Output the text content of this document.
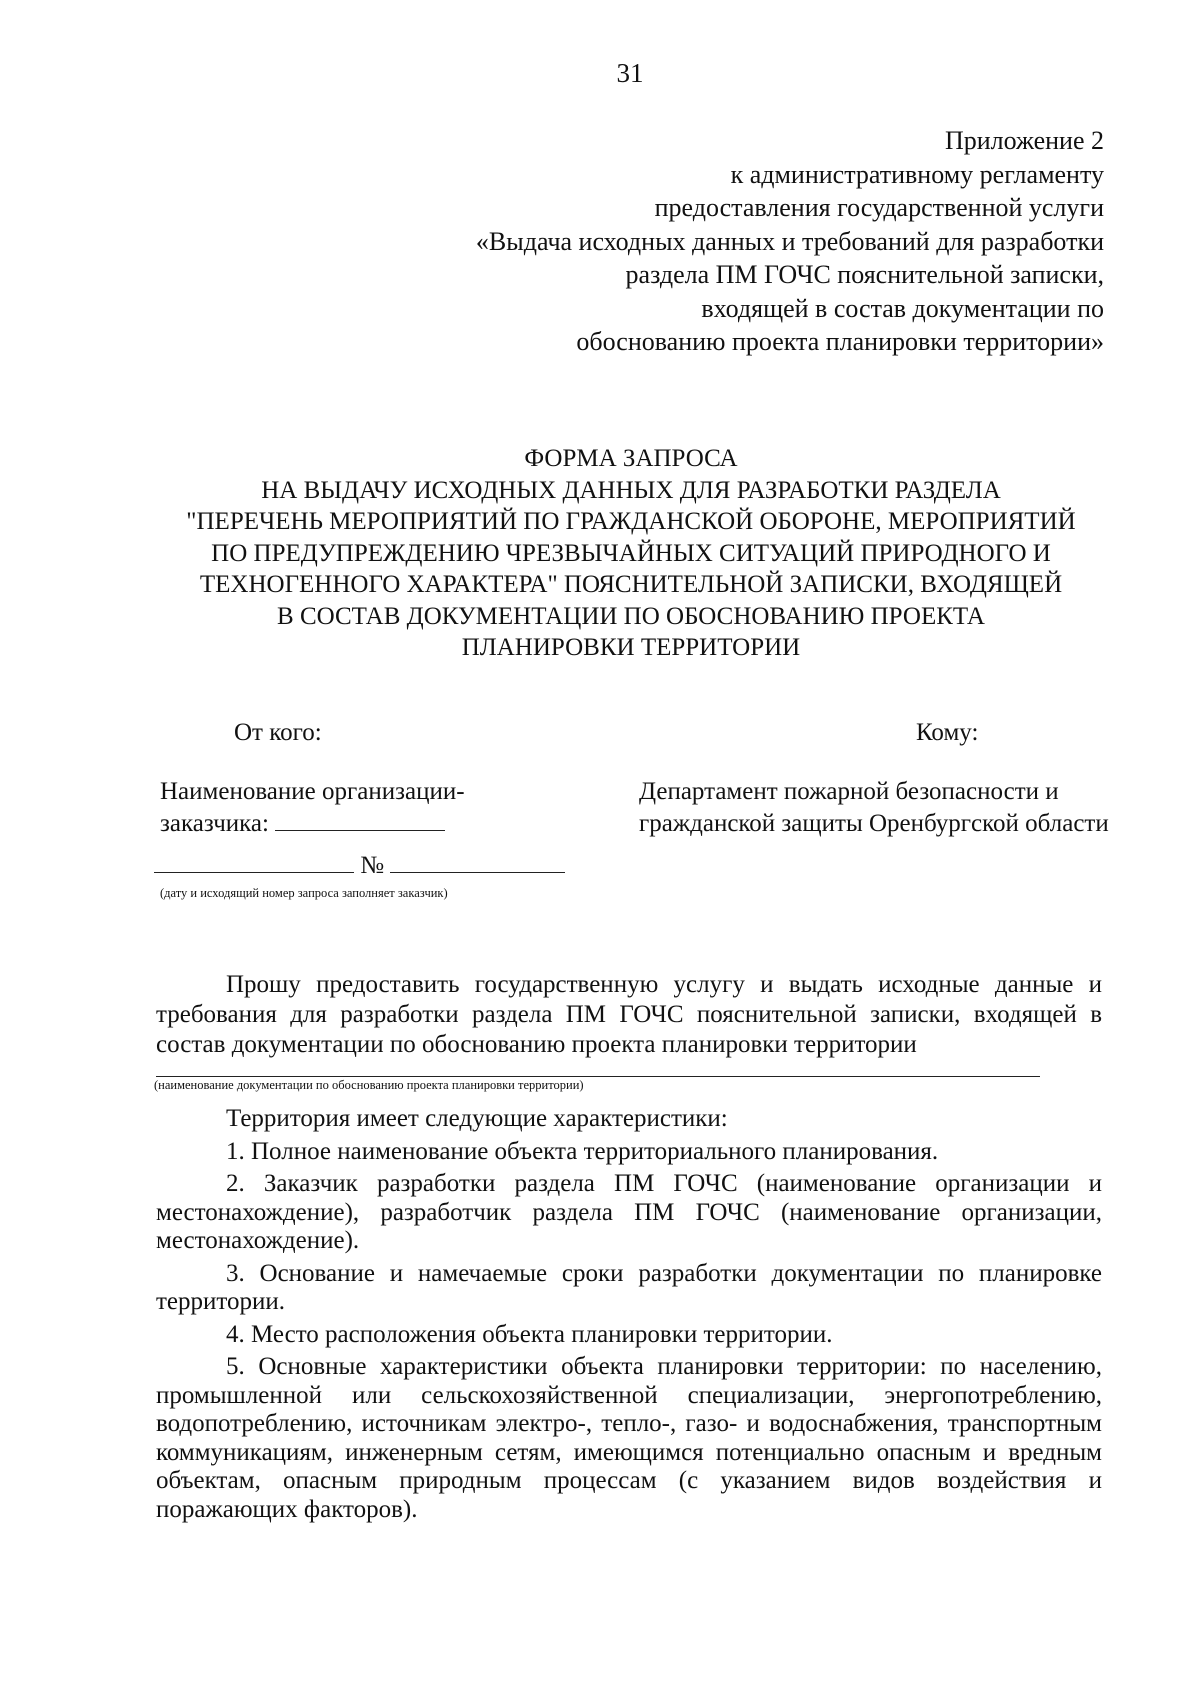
31
Приложение 2
к административному регламенту
предоставления государственной услуги
«Выдача исходных данных и требований для разработки
раздела ПМ ГОЧС пояснительной записки,
входящей в состав документации по
обоснованию проекта планировки территории»
ФОРМА ЗАПРОСА
НА ВЫДАЧУ ИСХОДНЫХ ДАННЫХ ДЛЯ РАЗРАБОТКИ РАЗДЕЛА
"ПЕРЕЧЕНЬ МЕРОПРИЯТИЙ ПО ГРАЖДАНСКОЙ ОБОРОНЕ, МЕРОПРИЯТИЙ
ПО ПРЕДУПРЕЖДЕНИЮ ЧРЕЗВЫЧАЙНЫХ СИТУАЦИЙ ПРИРОДНОГО И
ТЕХНОГЕННОГО ХАРАКТЕРА" ПОЯСНИТЕЛЬНОЙ ЗАПИСКИ, ВХОДЯЩЕЙ
В СОСТАВ ДОКУМЕНТАЦИИ ПО ОБОСНОВАНИЮ ПРОЕКТА
ПЛАНИРОВКИ ТЕРРИТОРИИ
От кого:	Кому:
Наименование организации-
заказчика:
Департамент пожарной безопасности и
гражданской защиты Оренбургской области
№
(дату и исходящий номер запроса заполняет заказчик)
Прошу предоставить государственную услугу и выдать исходные данные и требования для разработки раздела ПМ ГОЧС пояснительной записки, входящей в состав документации по обоснованию проекта планировки территории
(наименование документации по обоснованию проекта планировки территории)

Территория имеет следующие характеристики:

1. Полное наименование объекта территориального планирования.

2. Заказчик разработки раздела ПМ ГОЧС (наименование организации и местонахождение), разработчик раздела ПМ ГОЧС (наименование организации, местонахождение).

3. Основание и намечаемые сроки разработки документации по планировке территории.

4. Место расположения объекта планировки территории.

5. Основные характеристики объекта планировки территории: по населению, промышленной или сельскохозяйственной специализации, энергопотреблению, водопотреблению, источникам электро-, тепло-, газо- и водоснабжения, транспортным коммуникациям, инженерным сетям, имеющимся потенциально опасным и вредным объектам, опасным природным процессам (с указанием видов воздействия и поражающих факторов).
